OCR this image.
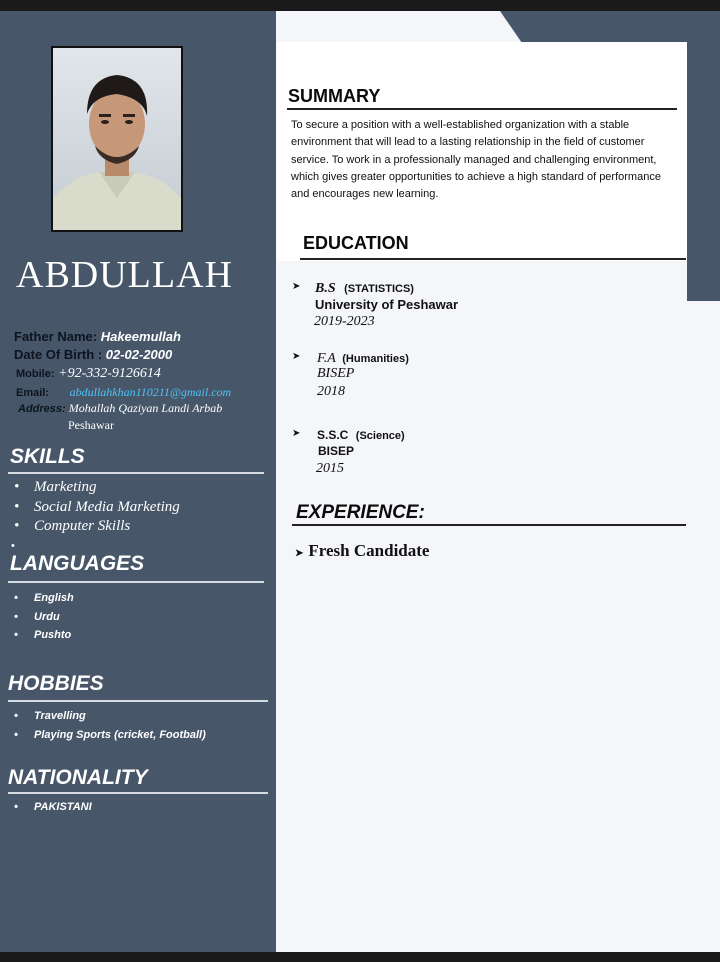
ABDULLAH
Father Name: Hakeemullah
Date Of Birth : 02-02-2000
Mobile: +92-332-9126614
Email: abdullahkhan110211@gmail.com
Address: Mohallah Qaziyan Landi Arbab
Peshawar
SKILLS
• Marketing
• Social Media Marketing
• Computer Skills
•
LANGUAGES
• English
• Urdu
• Pushto
HOBBIES
• Travelling
• Playing Sports (cricket, Football)
NATIONALITY
• PAKISTANI
SUMMARY
To secure a position with a well-established organization with a stable environment that will lead to a lasting relationship in the field of customer service. To work in a professionally managed and challenging environment, which gives greater opportunities to achieve a high standard of performance and encourages new learning.
EDUCATION
➤ B.S (STATISTICS)
University of Peshawar
2019-2023
➤ F.A (Humanities)
BISEP
2018
➤ S.S.C (Science)
BISEP
2015
EXPERIENCE:
➤ Fresh Candidate
